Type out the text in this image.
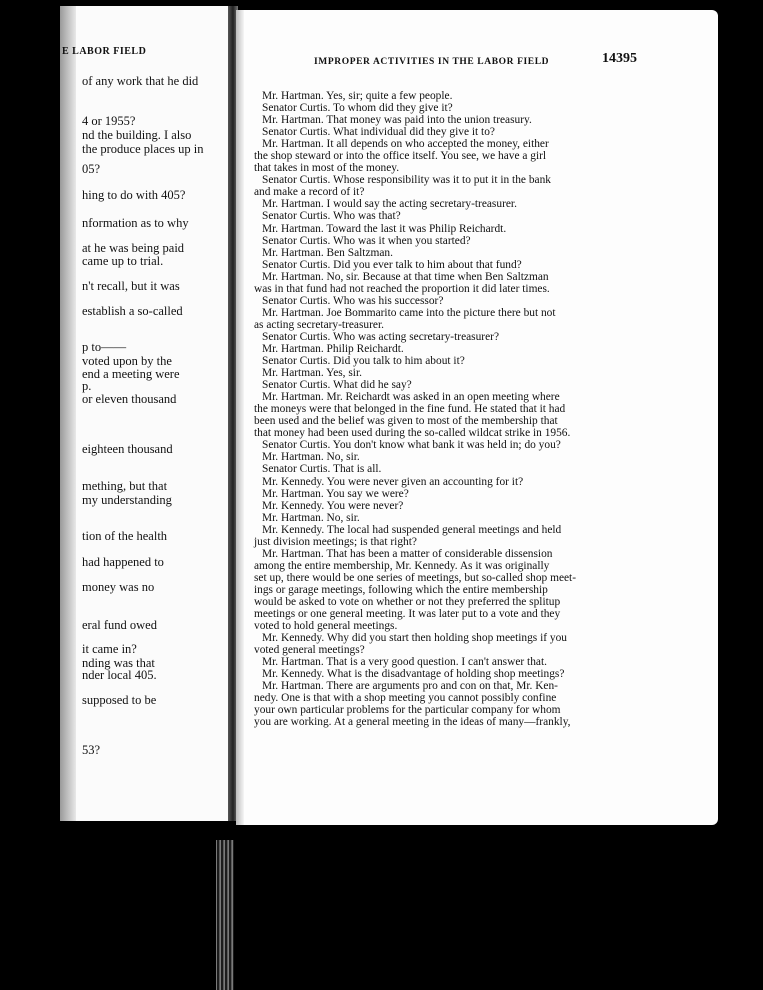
E LABOR FIELD
of any work that he did
4 or 1955?
nd the building. I also
the produce places up in
05?
hing to do with 405?
nformation as to why
at he was being paid
came up to trial.
n't recall, but it was
establish a so-called
p to——
voted upon by the
end a meeting were
p.
or eleven thousand
eighteen thousand
mething, but that
my understanding
tion of the health
had happened to
money was no
eral fund owed
it came in?
nding was that
nder local 405.
supposed to be
53?
IMPROPER ACTIVITIES IN THE LABOR FIELD	14395
Mr. Hartman. Yes, sir; quite a few people.
Senator Curtis. To whom did they give it?
Mr. Hartman. That money was paid into the union treasury.
Senator Curtis. What individual did they give it to?
Mr. Hartman. It all depends on who accepted the money, either
the shop steward or into the office itself. You see, we have a girl
that takes in most of the money.
Senator Curtis. Whose responsibility was it to put it in the bank
and make a record of it?
Mr. Hartman. I would say the acting secretary-treasurer.
Senator Curtis. Who was that?
Mr. Hartman. Toward the last it was Philip Reichardt.
Senator Curtis. Who was it when you started?
Mr. Hartman. Ben Saltzman.
Senator Curtis. Did you ever talk to him about that fund?
Mr. Hartman. No, sir. Because at that time when Ben Saltzman
was in that fund had not reached the proportion it did later times.
Senator Curtis. Who was his successor?
Mr. Hartman. Joe Bommarito came into the picture there but not
as acting secretary-treasurer.
Senator Curtis. Who was acting secretary-treasurer?
Mr. Hartman. Philip Reichardt.
Senator Curtis. Did you talk to him about it?
Mr. Hartman. Yes, sir.
Senator Curtis. What did he say?
Mr. Hartman. Mr. Reichardt was asked in an open meeting where
the moneys were that belonged in the fine fund. He stated that it had
been used and the belief was given to most of the membership that
that money had been used during the so-called wildcat strike in 1956.
Senator Curtis. You don't know what bank it was held in; do you?
Mr. Hartman. No, sir.
Senator Curtis. That is all.
Mr. Kennedy. You were never given an accounting for it?
Mr. Hartman. You say we were?
Mr. Kennedy. You were never?
Mr. Hartman. No, sir.
Mr. Kennedy. The local had suspended general meetings and held
just division meetings; is that right?
Mr. Hartman. That has been a matter of considerable dissension
among the entire membership, Mr. Kennedy. As it was originally
set up, there would be one series of meetings, but so-called shop meet-
ings or garage meetings, following which the entire membership
would be asked to vote on whether or not they preferred the splitup
meetings or one general meeting. It was later put to a vote and they
voted to hold general meetings.
Mr. Kennedy. Why did you start then holding shop meetings if you
voted general meetings?
Mr. Hartman. That is a very good question. I can't answer that.
Mr. Kennedy. What is the disadvantage of holding shop meetings?
Mr. Hartman. There are arguments pro and con on that, Mr. Ken-
nedy. One is that with a shop meeting you cannot possibly confine
your own particular problems for the particular company for whom
you are working. At a general meeting in the ideas of many—frankly,
